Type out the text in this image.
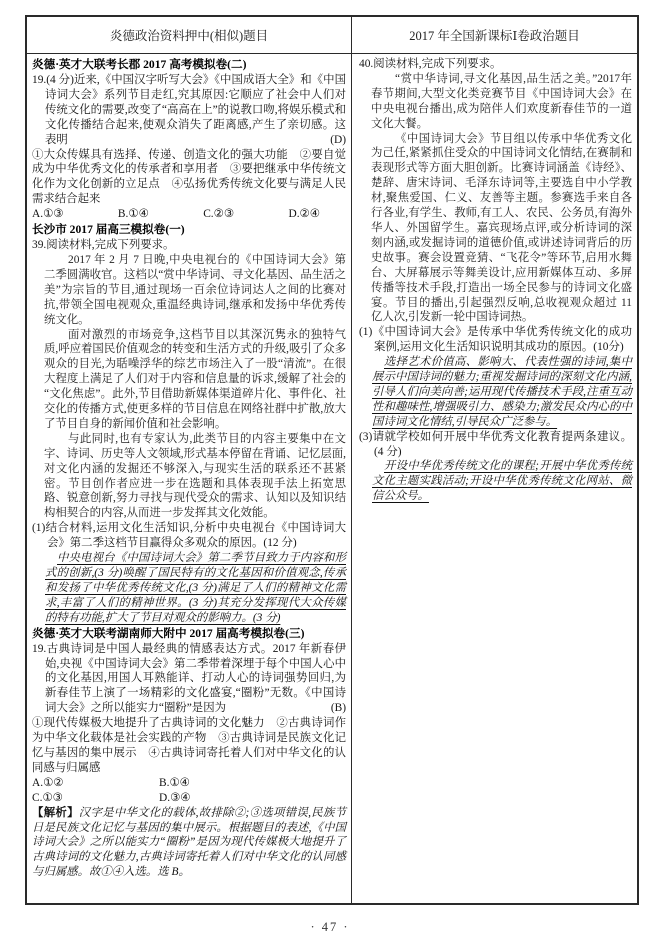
炎德政治资料押中(相似)题目	2017 年全国新课标Ⅰ卷政治题目

炎德·英才大联考长郡 2017 高考模拟卷(二)

19.(4 分)近来,《中国汉字听写大会》《中国成语大全》和《中国诗词大会》系列节目走红,究其原因:它顺应了社会中人们对传统文化的需要,改变了“高高在上”的说教口吻,将娱乐模式和文化传播结合起来,使观众消失了距离感,产生了亲切感。这表明	(D)

①大众传媒具有选择、传递、创造文化的强大功能　②要自觉成为中华优秀文化的传承者和享用者　③要把继承中华传统文化作为文化创新的立足点　④弘扬优秀传统文化要与满足人民需求结合起来

A.①③	B.①④	C.②③	D.②④

长沙市 2017 届高三模拟卷(一)

39.阅读材料,完成下列要求。

2017 年 2 月 7 日晚,中央电视台的《中国诗词大会》第二季圆满收官。这档以“赏中华诗词、寻文化基因、品生活之美”为宗旨的节目,通过现场一百余位诗词达人之间的比赛对抗,带领全国电视观众,重温经典诗词,继承和发扬中华优秀传统文化。

面对激烈的市场竞争,这档节目以其深沉隽永的独特气质,呼应着国民价值观念的转变和生活方式的升级,吸引了众多观众的目光,为聒噪浮华的综艺市场注入了一股“清流”。在很大程度上满足了人们对于内容和信息量的诉求,缓解了社会的“文化焦虑”。此外,节目借助新媒体渠道碎片化、事件化、社交化的传播方式,使更多样的节目信息在网络社群中扩散,放大了节目自身的新闻价值和社会影响。

与此同时,也有专家认为,此类节目的内容主要集中在文字、诗词、历史等人文领域,形式基本停留在背诵、记忆层面,对文化内涵的发掘还不够深入,与现实生活的联系还不甚紧密。节目创作者应进一步在选题和具体表现手法上拓宽思路、锐意创新,努力寻找与现代受众的需求、认知以及知识结构相契合的内容,从而进一步发挥其文化效能。

(1)结合材料,运用文化生活知识,分析中央电视台《中国诗词大会》第二季这档节目赢得众多观众的原因。(12 分)

中央电视台《中国诗词大会》第二季节目致力于内容和形式的创新,(3 分)唤醒了国民特有的文化基因和价值观念,传承和发扬了中华优秀传统文化,(3 分)满足了人们的精神文化需求,丰富了人们的精神世界。(3 分)其充分发挥现代大众传媒的特有功能,扩大了节目对观众的影响力。(3 分)

炎德·英才大联考湖南师大附中 2017 届高考模拟卷(三)

19.古典诗词是中国人最经典的情感表达方式。2017 年新春伊始,央视《中国诗词大会》第二季带着深埋于每个中国人心中的文化基因,用国人耳熟能详、打动人心的诗词强势回归,为新春佳节上演了一场精彩的文化盛宴,“圈粉”无数。《中国诗词大会》之所以能实力“圈粉”是因为	(B)

①现代传媒极大地提升了古典诗词的文化魅力　②古典诗词作为中华文化载体是社会实践的产物　③古典诗词是民族文化记忆与基因的集中展示　④古典诗词寄托着人们对中华文化的认同感与归属感

A.①②	B.①④
C.①③	D.③④

【解析】汉字是中华文化的载体,故排除②;③选项错误,民族节日是民族文化记忆与基因的集中展示。根据题目的表述,《中国诗词大会》之所以能实力“圈粉”是因为现代传媒极大地提升了古典诗词的文化魅力,古典诗词寄托着人们对中华文化的认同感与归属感。故①④入选。选 B。

40.阅读材料,完成下列要求。

“赏中华诗词,寻文化基因,品生活之美。”2017年春节期间,大型文化类竞赛节目《中国诗词大会》在中央电视台播出,成为陪伴人们欢度新春佳节的一道文化大餐。

《中国诗词大会》节目组以传承中华优秀文化为己任,紧紧抓住受众的中国诗词文化情结,在赛制和表现形式等方面大胆创新。比赛诗词涵盖《诗经》、楚辞、唐宋诗词、毛泽东诗词等,主要选自中小学教材,聚焦爱国、仁义、友善等主题。参赛选手来自各行各业,有学生、教师,有工人、农民、公务员,有海外华人、外国留学生。嘉宾现场点评,或分析诗词的深刻内涵,或发掘诗词的道德价值,或讲述诗词背后的历史故事。赛会设置竞猜、“飞花令”等环节,启用水舞台、大屏幕展示等舞美设计,应用新媒体互动、多屏传播等技术手段,打造出一场全民参与的诗词文化盛宴。节目的播出,引起强烈反响,总收视观众超过 11 亿人次,引发新一轮中国诗词热。

(1)《中国诗词大会》是传承中华优秀传统文化的成功案例,运用文化生活知识说明其成功的原因。(10分)

选择艺术价值高、影响大、代表性强的诗词,集中展示中国诗词的魅力;重视发掘诗词的深刻文化内涵,引导人们向美向善;运用现代传播技术手段,注重互动性和趣味性,增强吸引力、感染力;激发民众内心的中国诗词文化情结,引导民众广泛参与。

(3)请就学校如何开展中华优秀文化教育提两条建议。(4 分)

开设中华优秀传统文化的课程;开展中华优秀传统文化主题实践活动;开设中华优秀传统文化网站、微信公众号。

· 47 ·
